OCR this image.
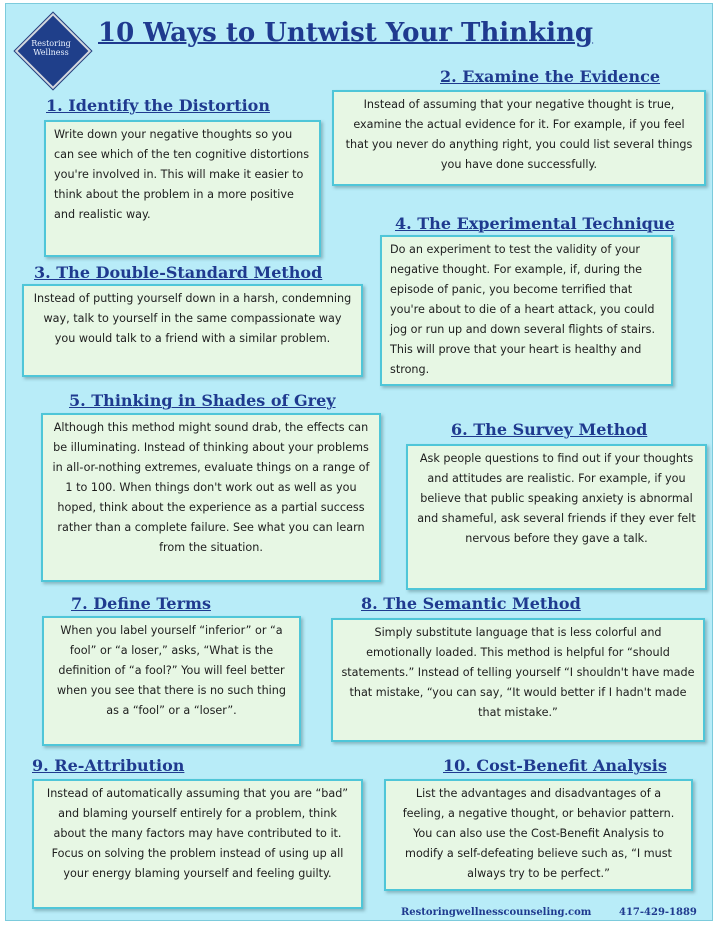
Restoring
Wellness
10 Ways to Untwist Your Thinking
1. Identify the Distortion
Write down your negative thoughts so you can see which of the ten cognitive distortions you're involved in. This will make it easier to think about the problem in a more positive and realistic way.
2. Examine the Evidence
Instead of assuming that your negative thought is true, examine the actual evidence for it. For example, if you feel that you never do anything right, you could list several things you have done successfully.
3. The Double-Standard Method
Instead of putting yourself down in a harsh, condemning way, talk to yourself in the same compassionate way you would talk to a friend with a similar problem.
4. The Experimental Technique
Do an experiment to test the validity of your negative thought. For example, if, during the episode of panic, you become terrified that you're about to die of a heart attack, you could jog or run up and down several flights of stairs. This will prove that your heart is healthy and strong.
5. Thinking in Shades of Grey
Although this method might sound drab, the effects can be illuminating. Instead of thinking about your problems in all-or-nothing extremes, evaluate things on a range of 1 to 100. When things don't work out as well as you hoped, think about the experience as a partial success rather than a complete failure. See what you can learn from the situation.
6. The Survey Method
Ask people questions to find out if your thoughts and attitudes are realistic. For example, if you believe that public speaking anxiety is abnormal and shameful, ask several friends if they ever felt nervous before they gave a talk.
7. Define Terms
When you label yourself “inferior” or “a fool” or “a loser,” asks, “What is the definition of “a fool?” You will feel better when you see that there is no such thing as a “fool” or a “loser”.
8. The Semantic Method
Simply substitute language that is less colorful and emotionally loaded. This method is helpful for “should statements.” Instead of telling yourself “I shouldn't have made that mistake, “you can say, “It would better if I hadn't made that mistake.”
9. Re-Attribution
Instead of automatically assuming that you are “bad” and blaming yourself entirely for a problem, think about the many factors may have contributed to it. Focus on solving the problem instead of using up all your energy blaming yourself and feeling guilty.
10. Cost-Benefit Analysis
List the advantages and disadvantages of a feeling, a negative thought, or behavior pattern. You can also use the Cost-Benefit Analysis to modify a self-defeating believe such as, “I must always try to be perfect.”
Restoringwellnesscounseling.com	417-429-1889
